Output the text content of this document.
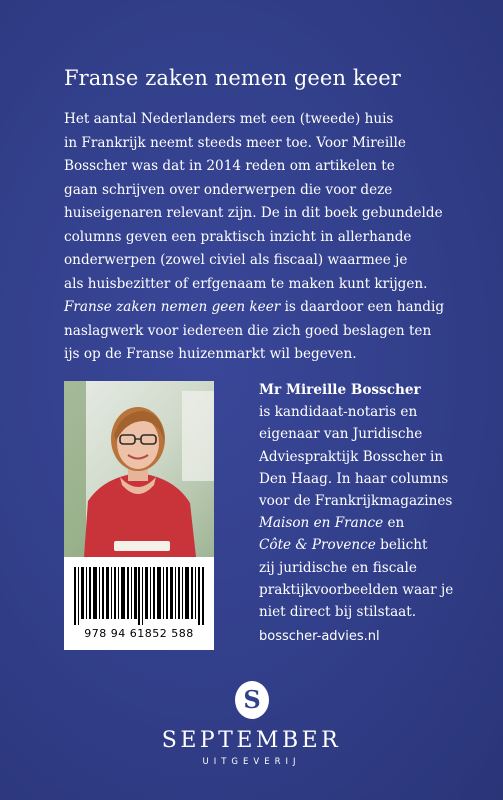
Franse zaken nemen geen keer
Het aantal Nederlanders met een (tweede) huis
in Frankrijk neemt steeds meer toe. Voor Mireille
Bosscher was dat in 2014 reden om artikelen te
gaan schrijven over onderwerpen die voor deze
huiseigenaren relevant zijn. De in dit boek gebundelde
columns geven een praktisch inzicht in allerhande
onderwerpen (zowel civiel als fiscaal) waarmee je
als huisbezitter of erfgenaam te maken kunt krijgen.
Franse zaken nemen geen keer is daardoor een handig
naslagwerk voor iedereen die zich goed beslagen ten
ijs op de Franse huizenmarkt wil begeven.
978 94 61852 588
Mr Mireille Bosscher
is kandidaat-notaris en
eigenaar van Juridische
Adviespraktijk Bosscher in
Den Haag. In haar columns
voor de Frankrijkmagazines
Maison en France en
Côte & Provence belicht
zij juridische en fiscale
praktijkvoorbeelden waar je
niet direct bij stilstaat.
bosscher-advies.nl
S
SEPTEMBER
UITGEVERIJ
